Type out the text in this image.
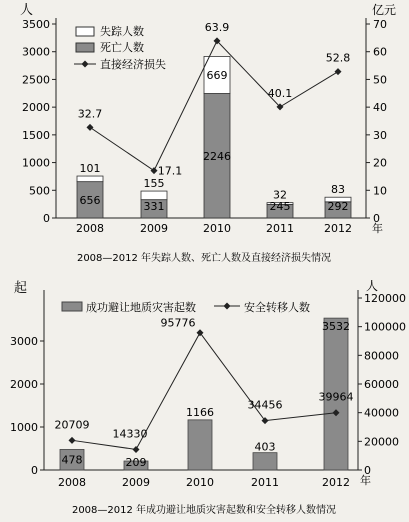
0
500
1000
1500
2000
2500
3000
3500
0
10
20
30
40
50
60
70
人	亿元
2008	2009	2010	2011	2012 年
656
101
331
155
2246
669
245
32
292
83
32.7
17.1
63.9
40.1
52.8
失踪人数
死亡人数
直接经济损失
2008—2012 年失踪人数、死亡人数及直接经济损失情况
0
1000
2000
3000
0
20000
40000
60000
80000
100000
120000
起	人
2008	2009	2010	2011	2012 年
478	209
1166
403
3532
20709
14330
95776
34456
39964
成功避让地质灾害起数	安全转移人数
2008—2012 年成功避让地质灾害起数和安全转移人数情况
